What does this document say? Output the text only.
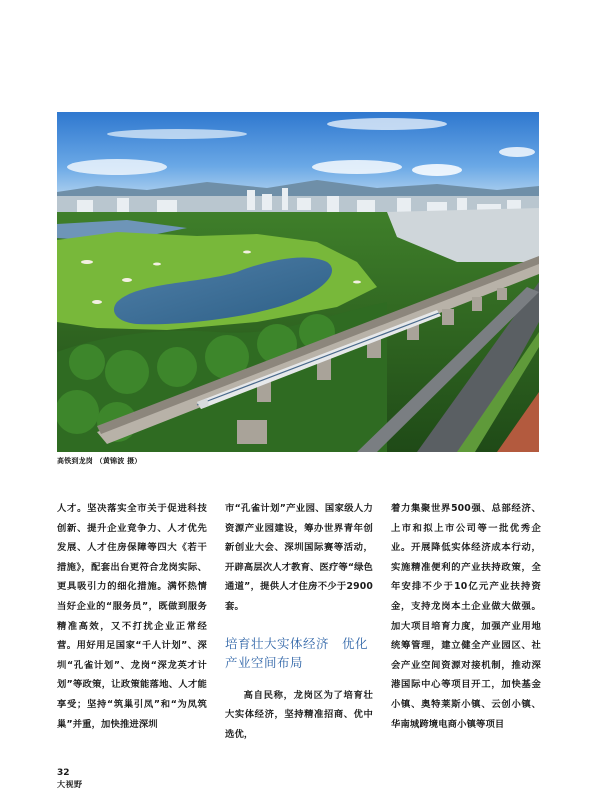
高铁到龙岗 （黄锦波 摄）

人才。坚决落实全市关于促进科技创新、提升企业竞争力、人才优先发展、人才住房保障等四大《若干措施》，配套出台更符合龙岗实际、更具吸引力的细化措施。满怀热情当好企业的“服务员”，既做到服务精准高效，又不打扰企业正常经营。用好用足国家“千人计划”、深圳“孔雀计划”、龙岗“深龙英才计划”等政策，让政策能落地、人才能享受；坚持“筑巢引凤”和“为凤筑巢”并重，加快推进深圳

市“孔雀计划”产业园、国家级人力资源产业园建设，筹办世界青年创新创业大会、深圳国际赛等活动，开辟高层次人才教育、医疗等“绿色通道”，提供人才住房不少于2900套。

培育壮大实体经济　优化产业空间布局

高自民称，龙岗区为了培育壮大实体经济，坚持精准招商、优中选优，

着力集聚世界500强、总部经济、上市和拟上市公司等一批优秀企业。开展降低实体经济成本行动，实施精准便利的产业扶持政策，全年安排不少于10亿元产业扶持资金，支持龙岗本土企业做大做强。加大项目培育力度，加强产业用地统筹管理，建立健全产业园区、社会产业空间资源对接机制，推动深港国际中心等项目开工，加快基金小镇、奥特莱斯小镇、云创小镇、华南城跨境电商小镇等项目

32
大视野
